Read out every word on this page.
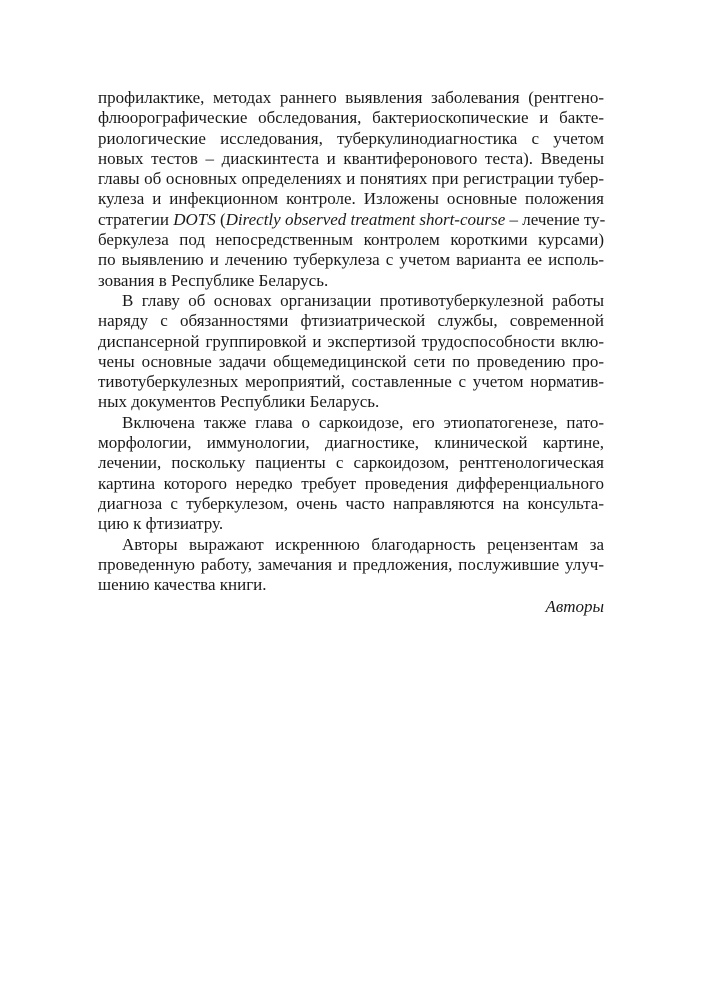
профилактике, методах раннего выявления заболевания (рентгено-
флюорографические обследования, бактериоскопические и бакте-
риологические исследования, туберкулинодиагностика с учетом
новых тестов – диаскинтеста и квантифероновoго теста). Введены
главы об основных определениях и понятиях при регистрации тубер-
кулеза и инфекционном контроле. Изложены основные положения
стратегии DOTS (Directly observed treatment short-course – лечение ту-
беркулеза под непосредственным контролем короткими курсами)
по выявлению и лечению туберкулеза с учетом варианта ее исполь-
зования в Республике Беларусь.
В главу об основах организации противотуберкулезной работы
наряду с обязанностями фтизиатрической службы, современной
диспансерной группировкой и экспертизой трудоспособности вклю-
чены основные задачи общемедицинской сети по проведению про-
тивотуберкулезных мероприятий, составленные с учетом норматив-
ных документов Республики Беларусь.
Включена также глава о саркоидозе, его этиопатогенезе, пато-
морфологии, иммунологии, диагностике, клинической картине,
лечении, поскольку пациенты с саркоидозом, рентгенологическая
картина которого нередко требует проведения дифференциального
диагноза с туберкулезом, очень часто направляются на консульта-
цию к фтизиатру.
Авторы выражают искреннюю благодарность рецензентам за
проведенную работу, замечания и предложения, послужившие улуч-
шению качества книги.
Авторы
